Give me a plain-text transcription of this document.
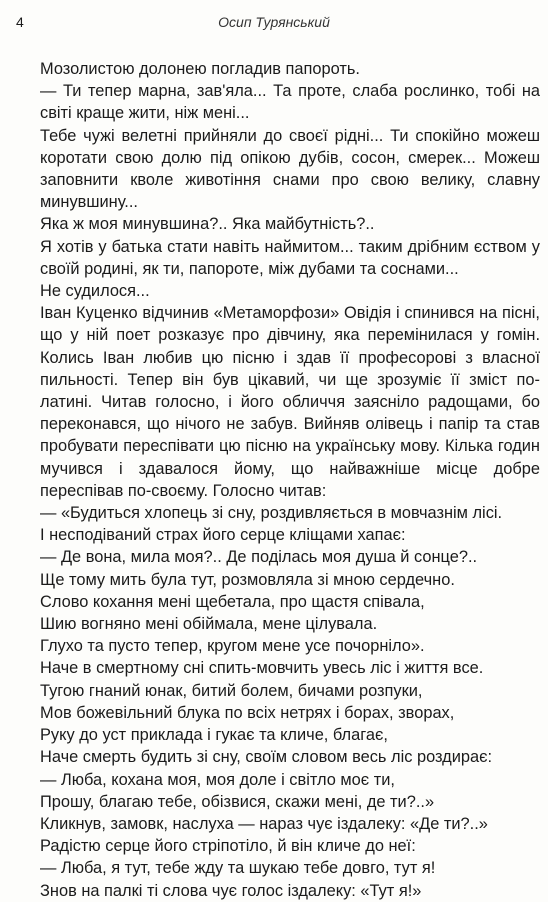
4	Осип Турянський

Мозолистою долонею погладив папороть.

— Ти тепер марна, зав'яла... Та проте, слаба рослинко, тобі на світі краще жити, ніж мені...

Тебе чужі велетні прийняли до своєї рідні... Ти спокійно можеш коротати свою долю під опікою дубів, сосон, смерек... Можеш заповнити кволе животіння снами про свою велику, славну минувшину...

Яка ж моя минувшина?.. Яка майбутність?..

Я хотів у батька стати навіть наймитом... таким дрібним єством у своїй родині, як ти, папороте, між дубами та соснами...

Не судилося...

Іван Куценко відчинив «Метаморфози» Овідія і спинився на пісні, що у ній поет розказує про дівчину, яка перемінилася у гомін. Колись Іван любив цю пісню і здав її професорові з власної пильності. Тепер він був цікавий, чи ще зрозуміє її зміст по-латині. Читав голосно, і його обличчя заясніло радощами, бо переконався, що нічого не забув. Вийняв олівець і папір та став пробувати переспівати цю пісню на українську мову. Кілька годин мучився і здавалося йому, що найважніше місце добре переспівав по-своєму. Голосно читав:

— «Будиться хлопець зі сну, роздивляється в мовчазнім лісі.

І несподіваний страх його серце кліщами хапає:

— Де вона, мила моя?.. Де поділась моя душа й сонце?..

Ще тому мить була тут, розмовляла зі мною сердечно.

Слово кохання мені щебетала, про щастя співала,

Шию вогняно мені обіймала, мене цілувала.

Глухо та пусто тепер, кругом мене усе почорніло».

Наче в смертному сні спить-мовчить увесь ліс і життя все.

Тугою гнаний юнак, битий болем, бичами розпуки,

Мов божевільний блука по всіх нетрях і борах, зворах,

Руку до уст приклада і гукає та кличе, благає,

Наче смерть будить зі сну, своїм словом весь ліс роздирає:

— Люба, кохана моя, моя доле і світло моє ти,

Прошу, благаю тебе, обізвися, скажи мені, де ти?..»

Кликнув, замовк, наслуха — нараз чує іздалеку: «Де ти?..»

Радістю серце його стріпотіло, й він кличе до неї:

— Люба, я тут, тебе жду та шукаю тебе довго, тут я!

Знов на палкі ті слова чує голос іздалеку: «Тут я!»
